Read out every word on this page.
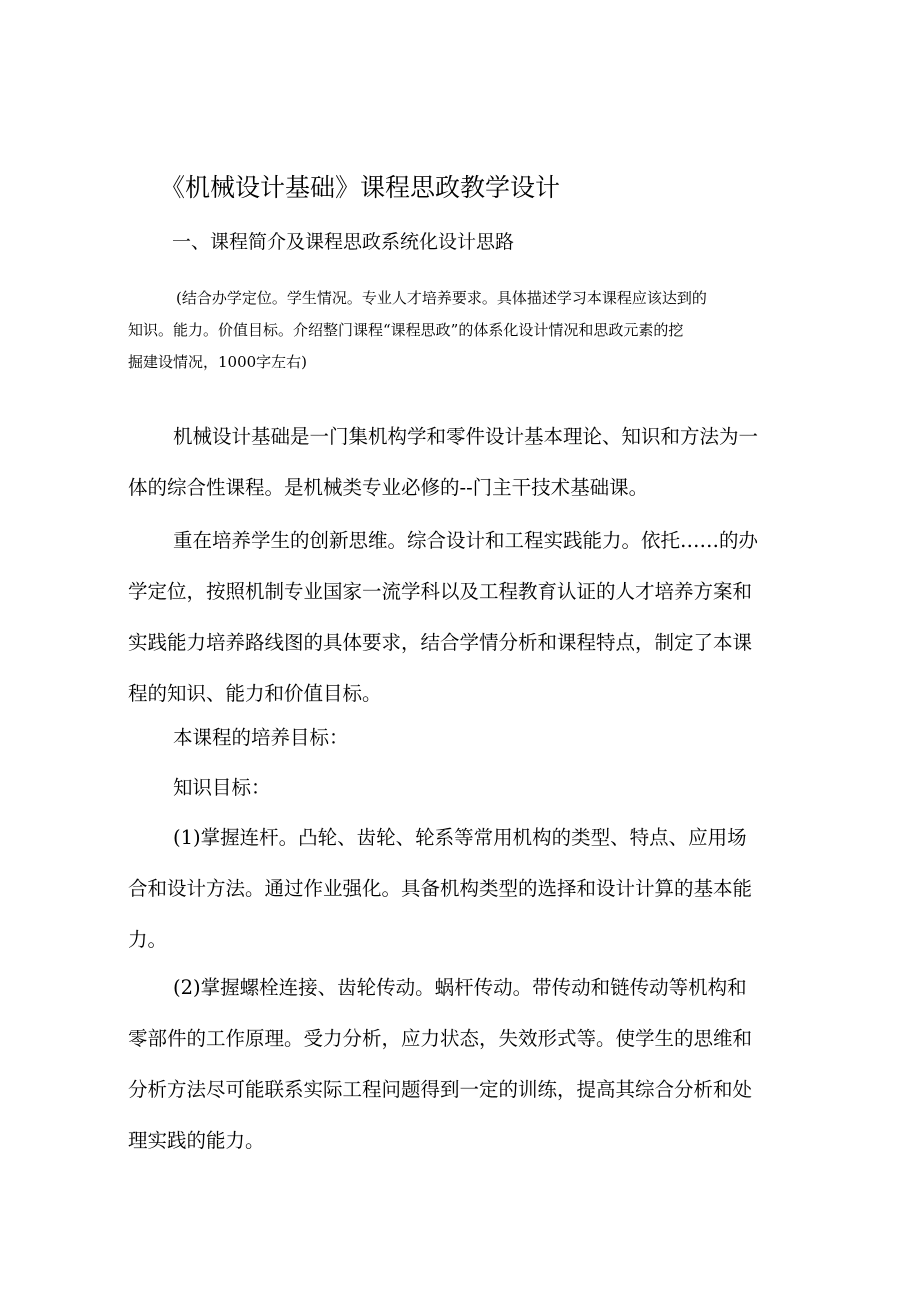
《机械设计基础》课程思政教学设计
一、课程简介及课程思政系统化设计思路

(结合办学定位。学生情况。专业人才培养要求。具体描述学习本课程应该达到的
知识。能力。价值目标。介绍整门课程“课程思政”的体系化设计情况和思政元素的挖
掘建设情况，1000字左右)

机械设计基础是一门集机构学和零件设计基本理论、知识和方法为一
体的综合性课程。是机械类专业必修的--门主干技术基础课。

重在培养学生的创新思维。综合设计和工程实践能力。依托……的办
学定位，按照机制专业国家一流学科以及工程教育认证的人才培养方案和
实践能力培养路线图的具体要求，结合学情分析和课程特点，制定了本课
程的知识、能力和价值目标。

本课程的培养目标：

知识目标：

(1)掌握连杆。凸轮、齿轮、轮系等常用机构的类型、特点、应用场
合和设计方法。通过作业强化。具备机构类型的选择和设计计算的基本能
力。

(2)掌握螺栓连接、齿轮传动。蜗杆传动。带传动和链传动等机构和
零部件的工作原理。受力分析，应力状态，失效形式等。使学生的思维和
分析方法尽可能联系实际工程问题得到一定的训练，提高其综合分析和处
理实践的能力。
